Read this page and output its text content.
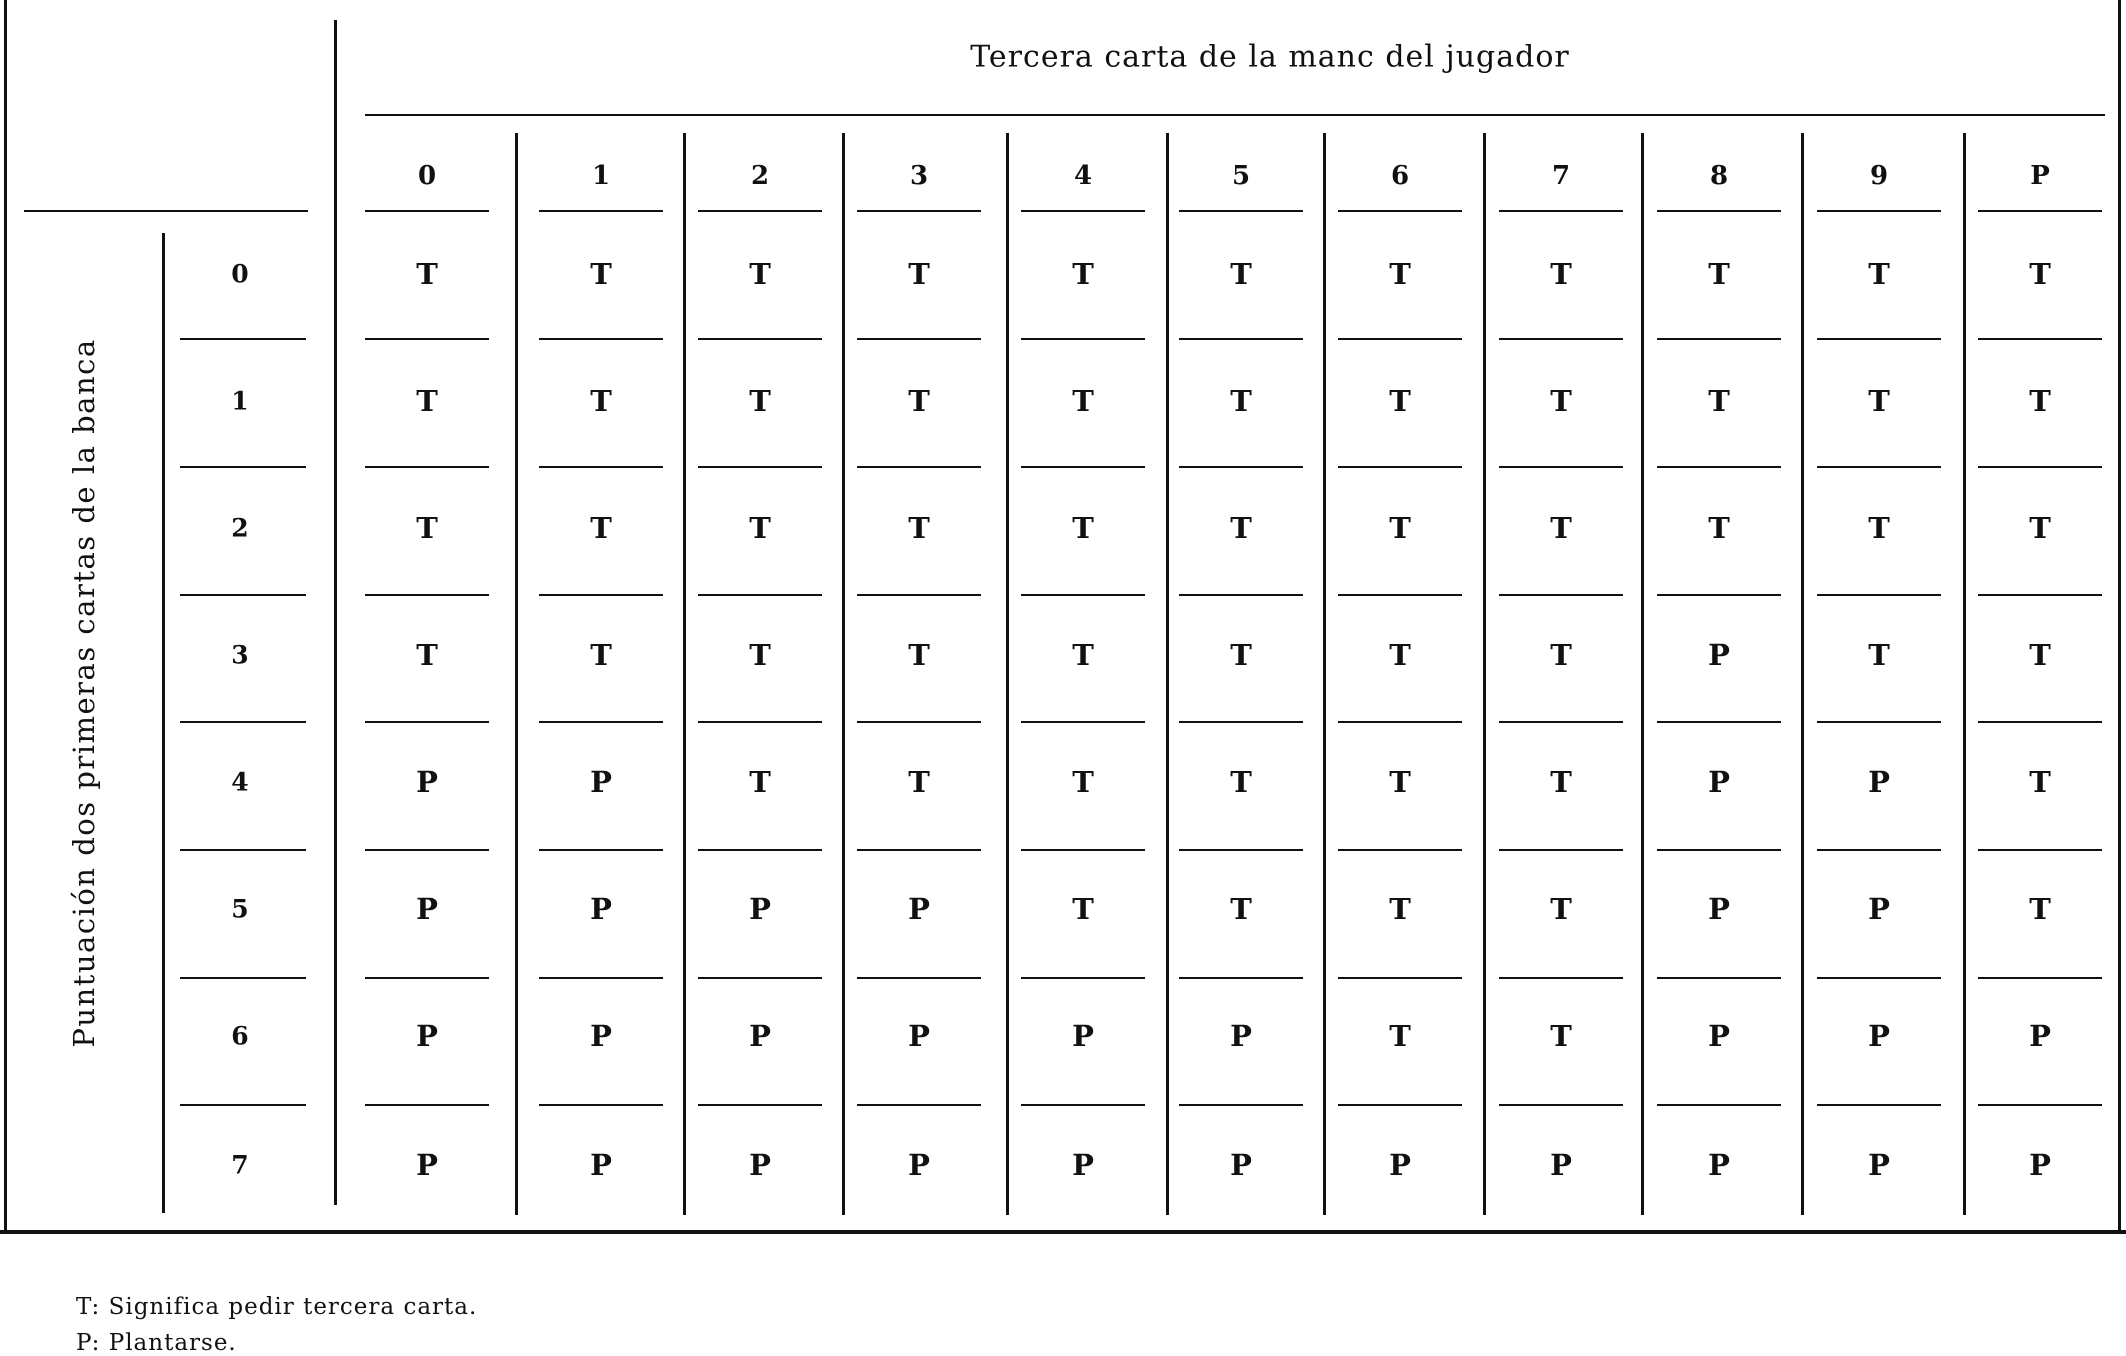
Tercera carta de la manc del jugador
Puntuación dos primeras cartas de la banca
T: Significa pedir tercera carta.
P: Plantarse.
0	1	2	3	4	5	6	7	8	9	P
0	T	T	T	T	T	T	T	T	T	T	T
1	T	T	T	T	T	T	T	T	T	T	T
2	T	T	T	T	T	T	T	T	T	T	T
3	T	T	T	T	T	T	T	T	P	T	T
4	P	P	T	T	T	T	T	T	P	P	T
5	P	P	P	P	T	T	T	T	P	P	T
6	P	P	P	P	P	P	T	T	P	P	P
7	P	P	P	P	P	P	P	P	P	P	P
